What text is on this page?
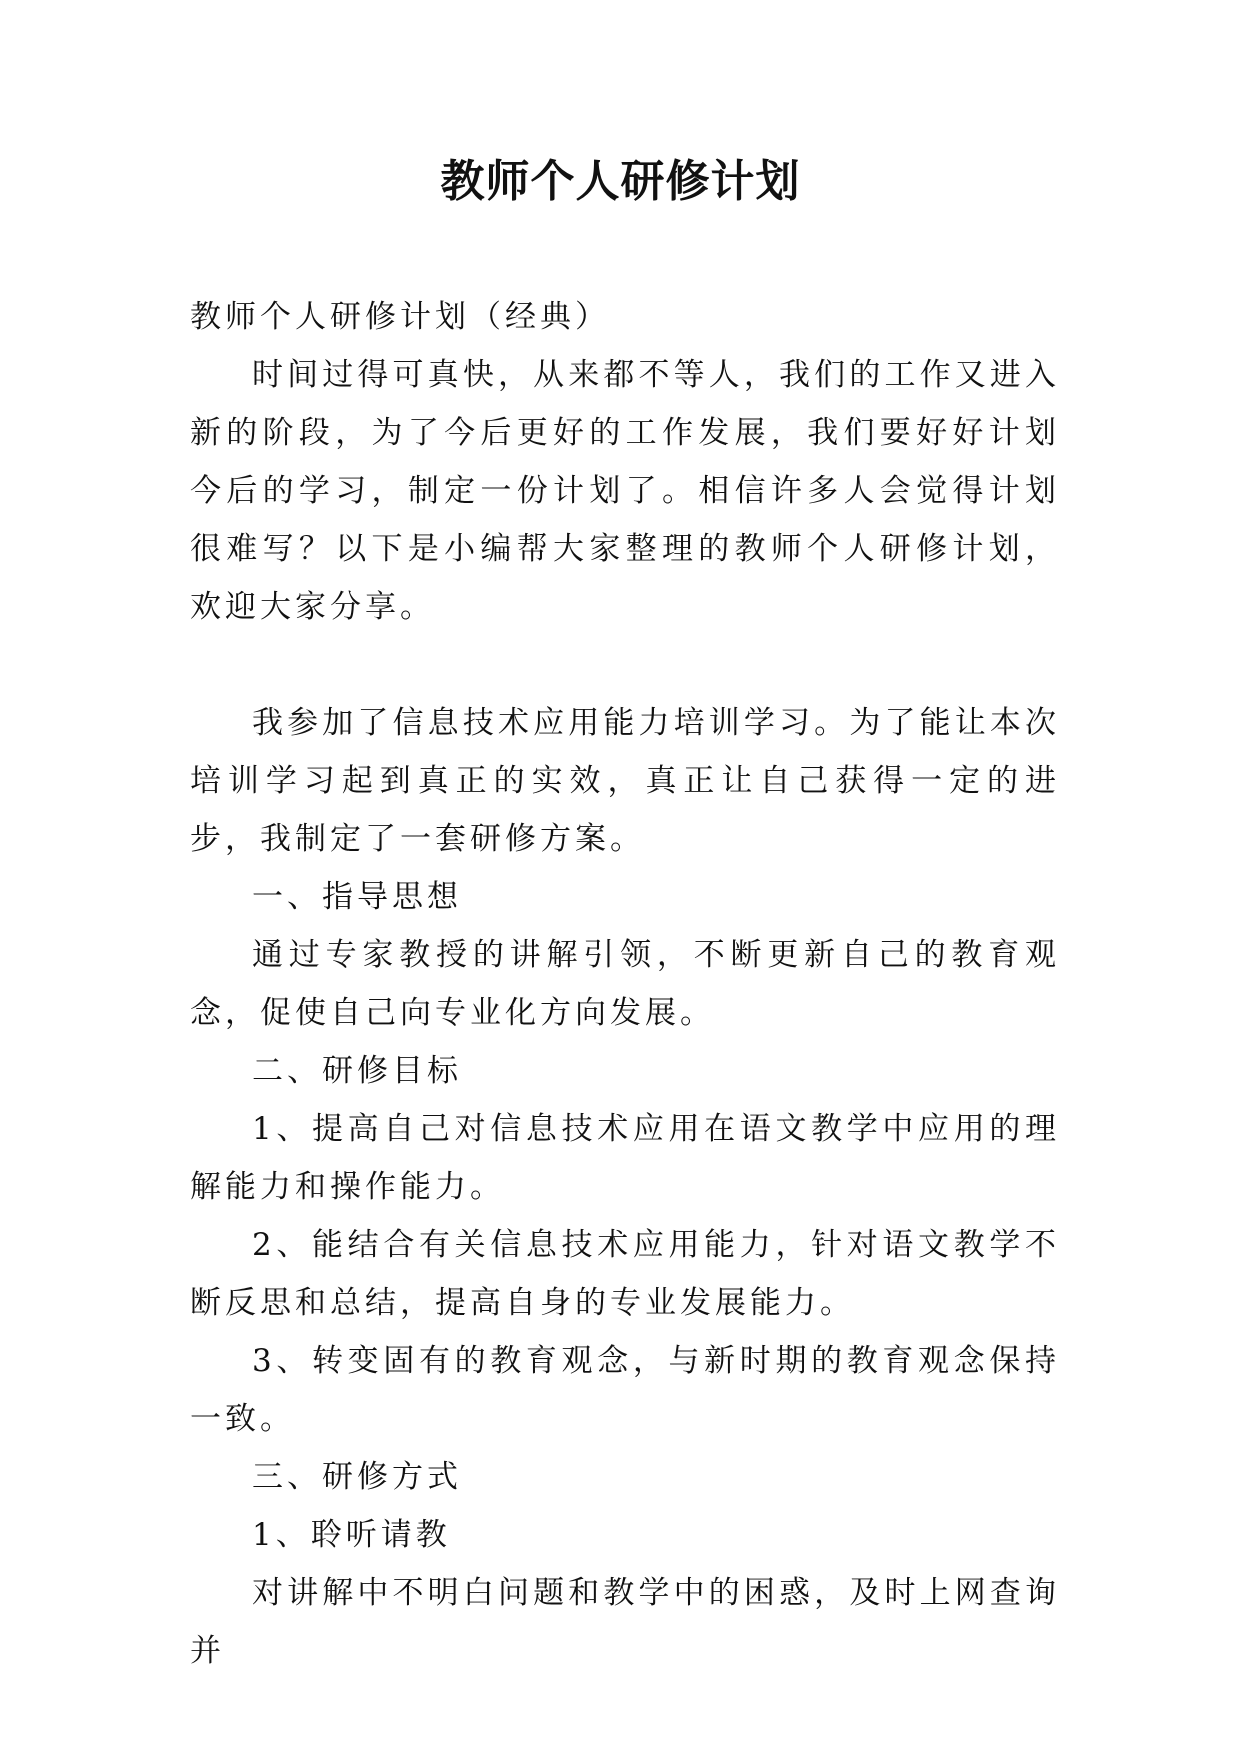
教师个人研修计划

教师个人研修计划（经典）

时间过得可真快，从来都不等人，我们的工作又进入新的阶段，为了今后更好的工作发展，我们要好好计划今后的学习，制定一份计划了。相信许多人会觉得计划很难写？以下是小编帮大家整理的教师个人研修计划，欢迎大家分享。

我参加了信息技术应用能力培训学习。为了能让本次培训学习起到真正的实效，真正让自己获得一定的进步，我制定了一套研修方案。

一、指导思想

通过专家教授的讲解引领，不断更新自己的教育观念，促使自己向专业化方向发展。

二、研修目标

1、提高自己对信息技术应用在语文教学中应用的理解能力和操作能力。

2、能结合有关信息技术应用能力，针对语文教学不断反思和总结，提高自身的专业发展能力。

3、转变固有的教育观念，与新时期的教育观念保持一致。

三、研修方式

1、聆听请教

对讲解中不明白问题和教学中的困惑，及时上网查询并
